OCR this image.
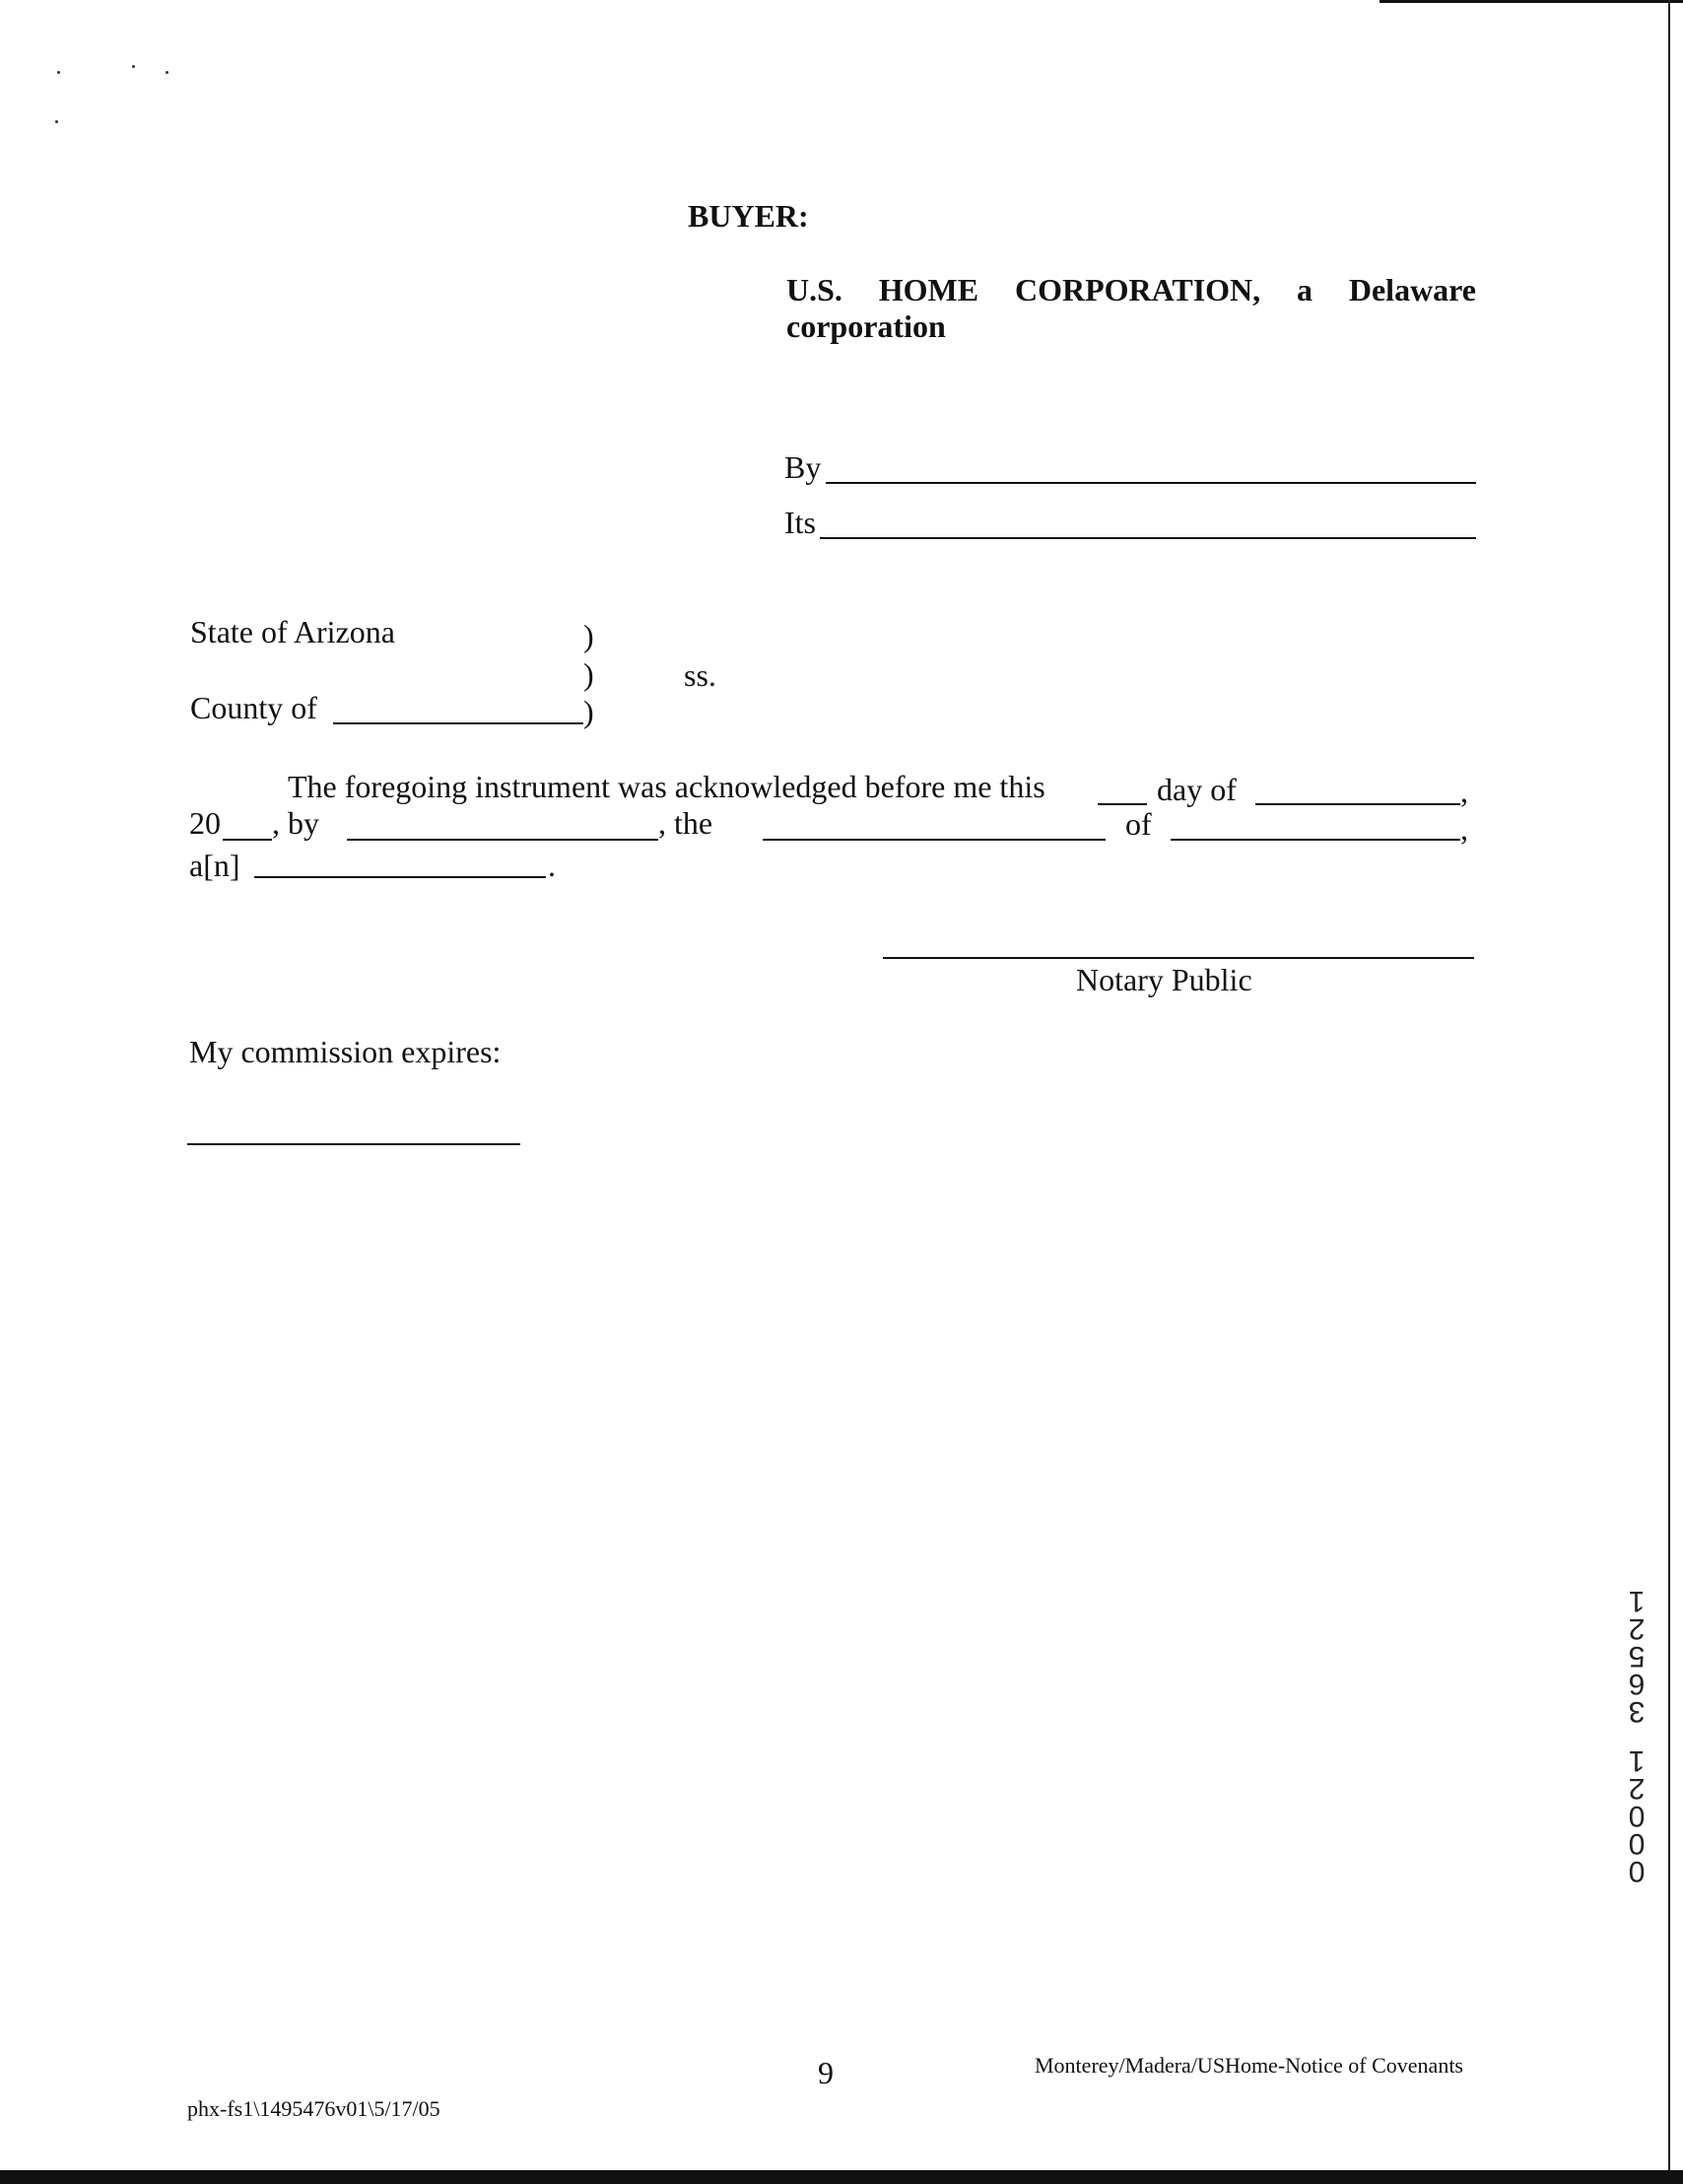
BUYER:
U.S. HOME CORPORATION, a Delaware
corporation
By
Its
State of Arizona	)
)	ss.
County of	)
The foregoing instrument was acknowledged before me this	day of	,
20 , by	, the	of	,
a[n]	.
Notary Public
My commission expires:
1
2
5
6
3
1
2
0
0
0
9	Monterey/Madera/USHome-Notice of Covenants
phx-fs1\1495476v01\5/17/05
